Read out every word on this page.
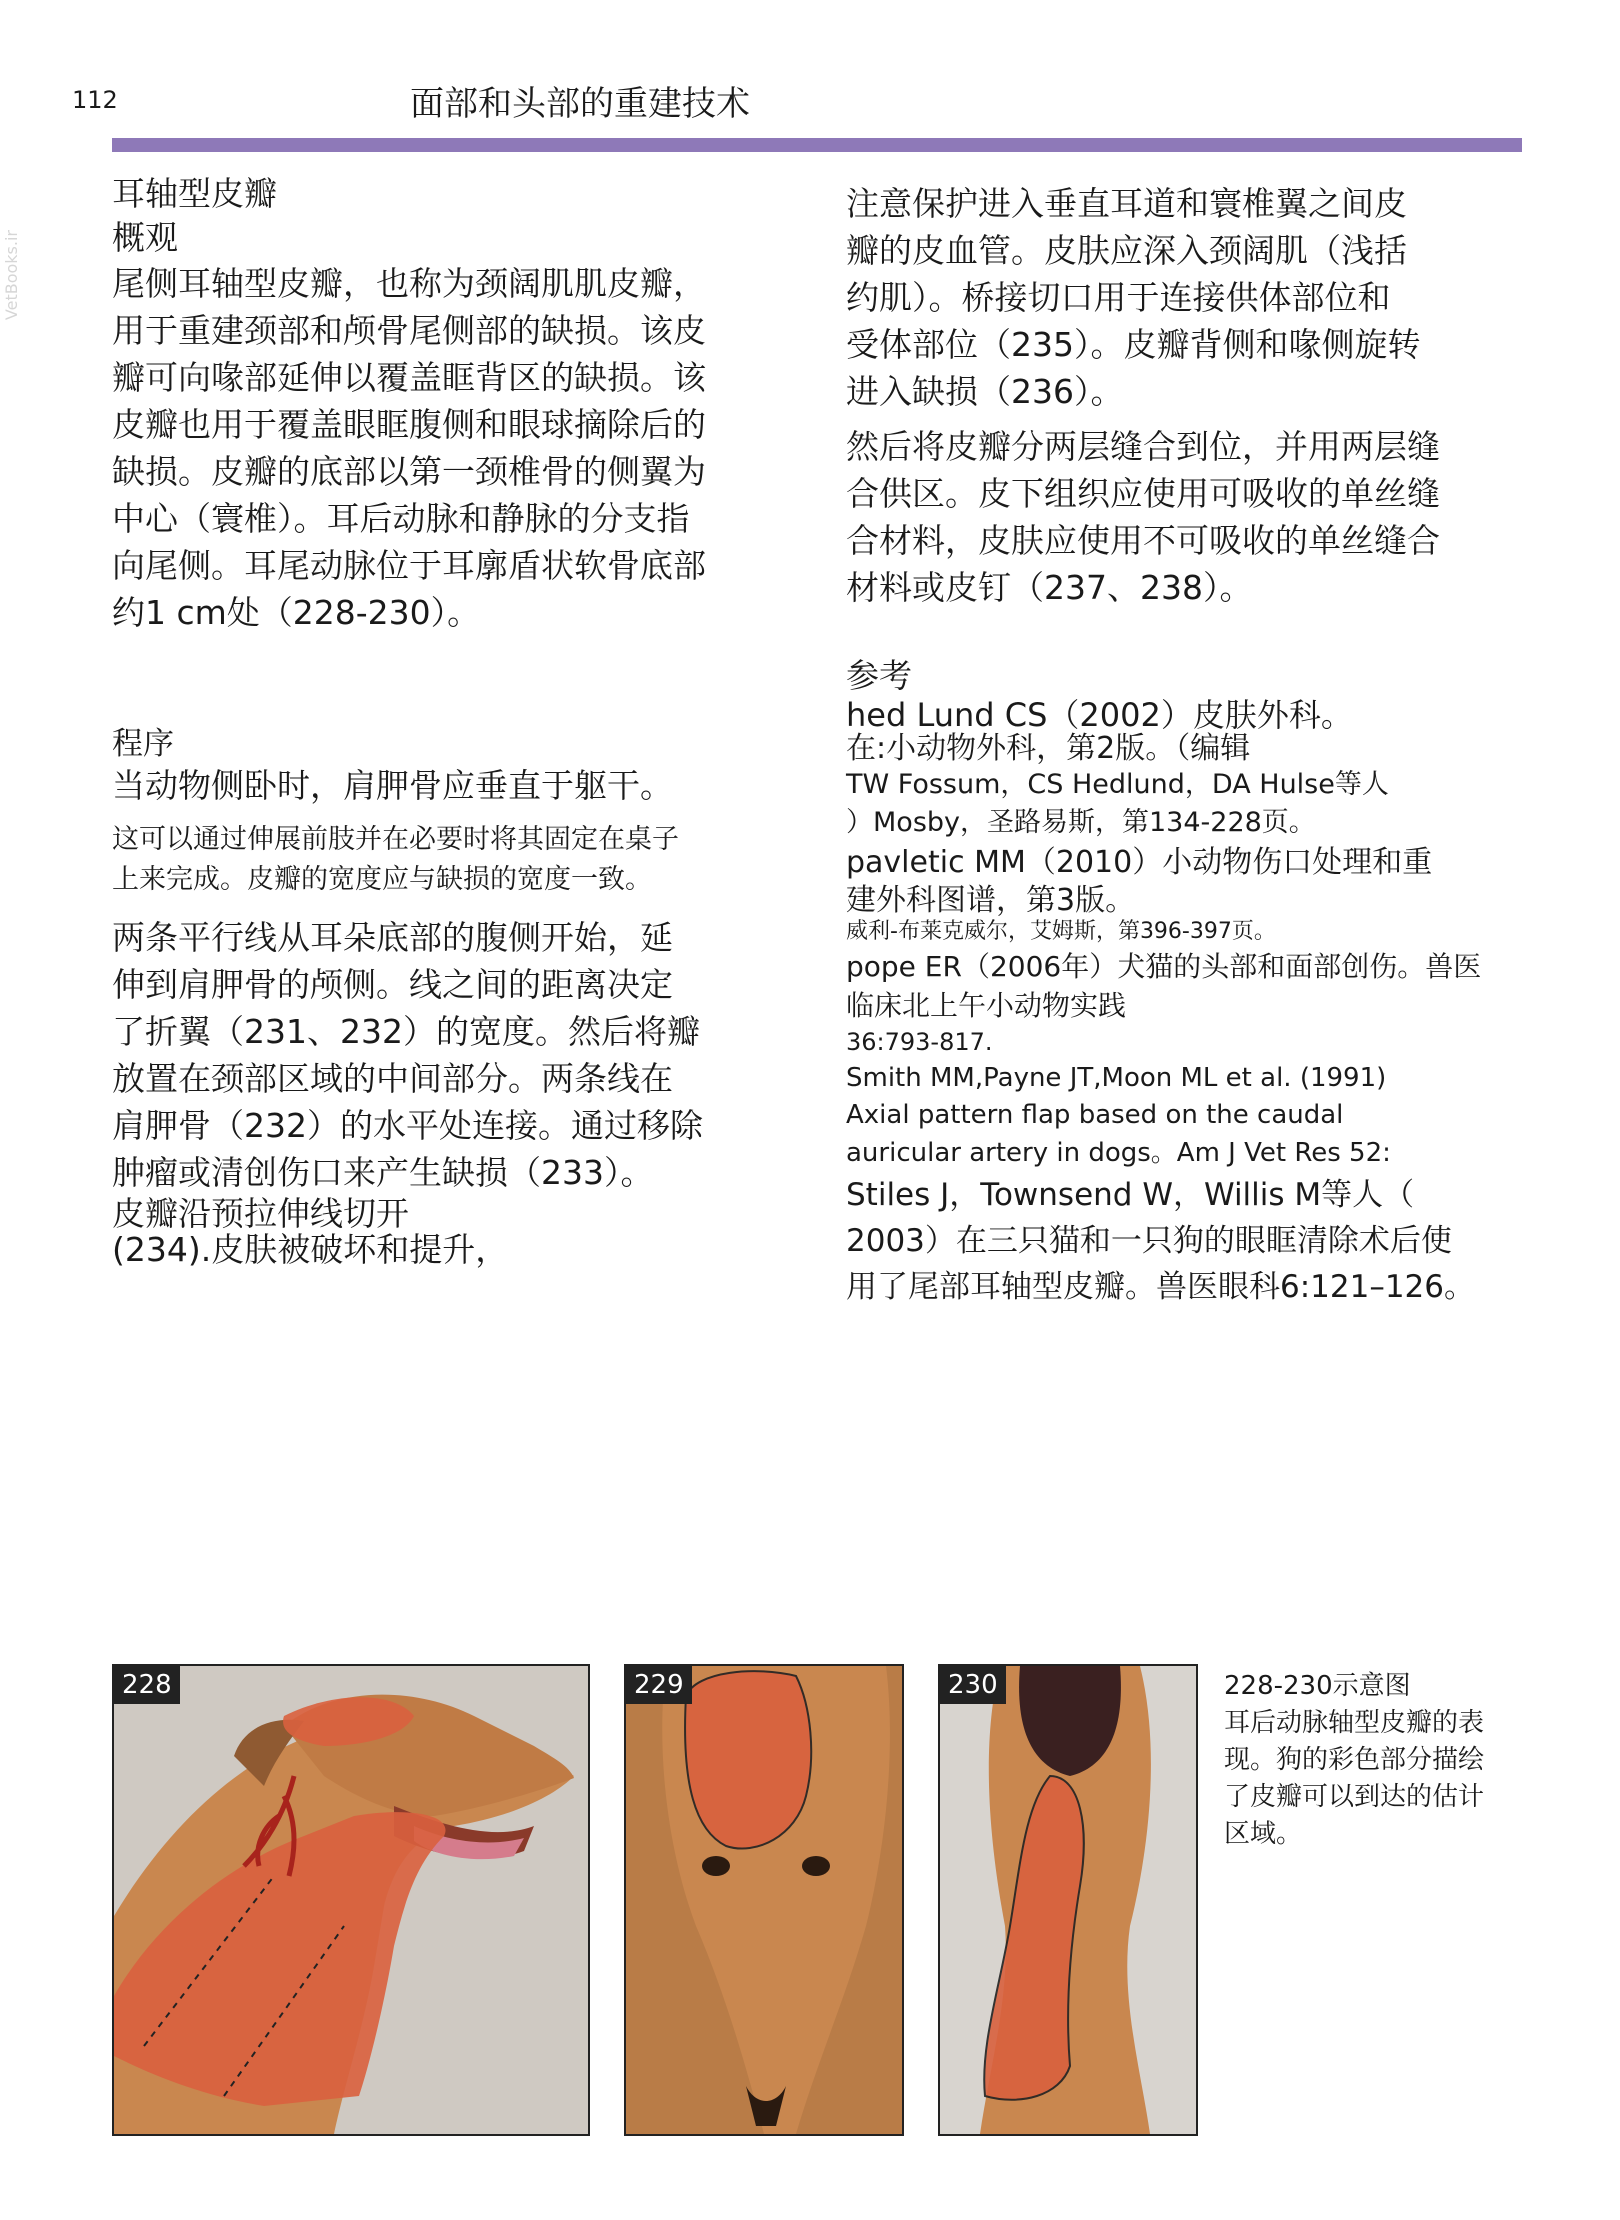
112	面部和头部的重建技术
VetBooks.ir
耳轴型皮瓣
概观

尾侧耳轴型皮瓣，也称为颈阔肌肌皮瓣，

用于重建颈部和颅骨尾侧部的缺损。该皮

瓣可向喙部延伸以覆盖眶背区的缺损。该

皮瓣也用于覆盖眼眶腹侧和眼球摘除后的

缺损。皮瓣的底部以第一颈椎骨的侧翼为

中心（寰椎）。耳后动脉和静脉的分支指

向尾侧。耳尾动脉位于耳廓盾状软骨底部

约1 cm处（228-230）。

程序

当动物侧卧时，肩胛骨应垂直于躯干。

这可以通过伸展前肢并在必要时将其固定在桌子

上来完成。皮瓣的宽度应与缺损的宽度一致。

两条平行线从耳朵底部的腹侧开始，延

伸到肩胛骨的颅侧。线之间的距离决定

了折翼（231、232）的宽度。然后将瓣

放置在颈部区域的中间部分。两条线在

肩胛骨（232）的水平处连接。通过移除

肿瘤或清创伤口来产生缺损（233）。

皮瓣沿预拉伸线切开

(234).皮肤被破坏和提升，

注意保护进入垂直耳道和寰椎翼之间皮

瓣的皮血管。皮肤应深入颈阔肌（浅括

约肌）。桥接切口用于连接供体部位和

受体部位（235）。皮瓣背侧和喙侧旋转

进入缺损（236）。

然后将皮瓣分两层缝合到位，并用两层缝

合供区。皮下组织应使用可吸收的单丝缝

合材料，皮肤应使用不可吸收的单丝缝合

材料或皮钉（237、238）。

参考

hed Lund CS（2002）皮肤外科。

在:小动物外科，第2版。（编辑

TW Fossum，CS Hedlund，DA Hulse等人

）Mosby，圣路易斯，第134-228页。

pavletic MM（2010）小动物伤口处理和重

建外科图谱，第3版。

威利-布莱克威尔，艾姆斯，第396-397页。

pope ER（2006年）犬猫的头部和面部创伤。兽医

临床北上午小动物实践

36:793-817.

Smith MM,Payne JT,Moon ML et al. (1991)

Axial pattern flap based on the caudal

auricular artery in dogs。Am J Vet Res 52:

Stiles J，Townsend W，Willis M等人（

2003）在三只猫和一只狗的眼眶清除术后使

用了尾部耳轴型皮瓣。兽医眼科6:121–126。

228	229	230	228-230示意图
耳后动脉轴型皮瓣的表
现。狗的彩色部分描绘
了皮瓣可以到达的估计
区域。
